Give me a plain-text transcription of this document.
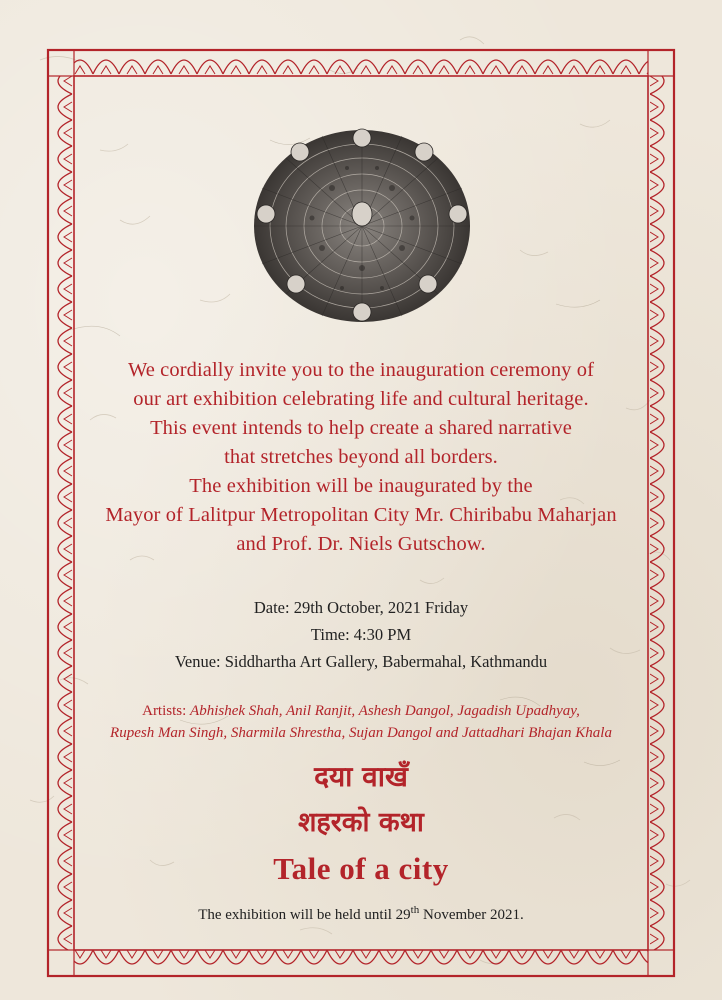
We cordially invite you to the inauguration ceremony of
our art exhibition celebrating life and cultural heritage.
This event intends to help create a shared narrative
that stretches beyond all borders.
The exhibition will be inaugurated by the
Mayor of Lalitpur Metropolitan City Mr. Chiribabu Maharjan
and Prof. Dr. Niels Gutschow.
Date: 29th October, 2021 Friday
Time: 4:30 PM
Venue: Siddhartha Art Gallery, Babermahal, Kathmandu
Artists: Abhishek Shah, Anil Ranjit, Ashesh Dangol, Jagadish Upadhyay,
Rupesh Man Singh, Sharmila Shrestha, Sujan Dangol and Jattadhari Bhajan Khala
दया वाखँ
शहरको कथा
Tale of a city
The exhibition will be held until 29th November 2021.
